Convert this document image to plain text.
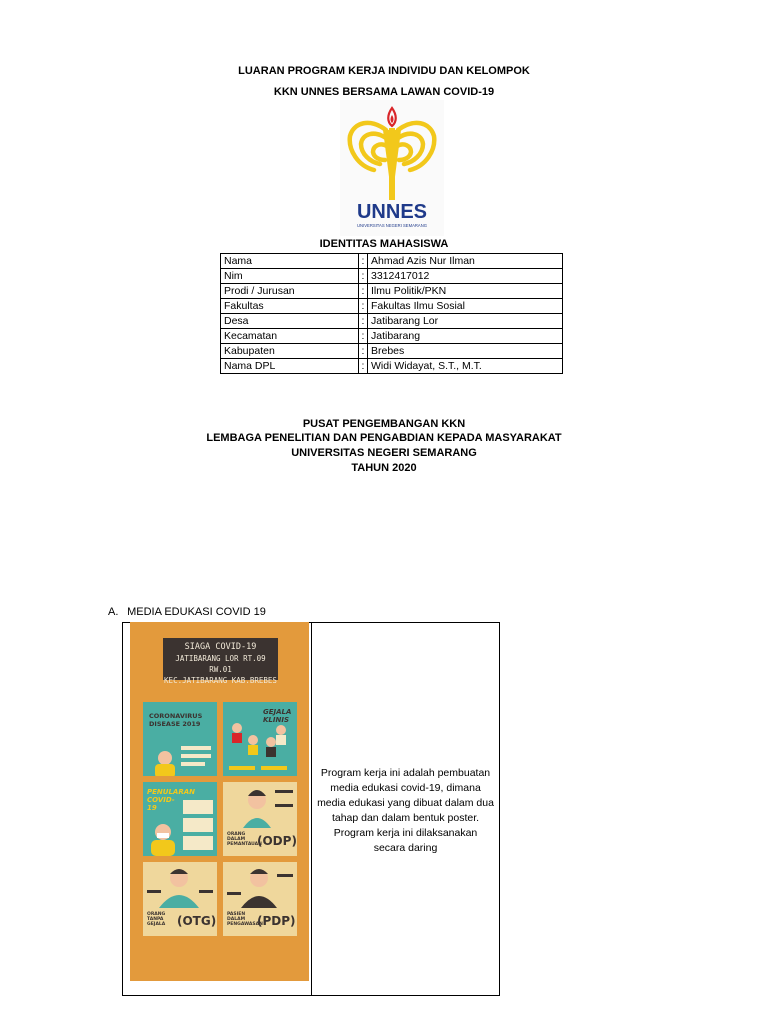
LUARAN PROGRAM KERJA INDIVIDU DAN KELOMPOK
KKN UNNES BERSAMA LAWAN COVID-19
UNNES
UNIVERSITAS NEGERI SEMARANG
IDENTITAS MAHASISWA
Nama	:	Ahmad Azis Nur Ilman
Nim	:	3312417012
Prodi / Jurusan	:	Ilmu Politik/PKN
Fakultas	:	Fakultas Ilmu Sosial
Desa	:	Jatibarang Lor
Kecamatan	:	Jatibarang
Kabupaten	:	Brebes
Nama DPL	:	Widi Widayat, S.T., M.T.
PUSAT PENGEMBANGAN KKN
LEMBAGA PENELITIAN DAN PENGABDIAN KEPADA MASYARAKAT
UNIVERSITAS NEGERI SEMARANG
TAHUN 2020
A. MEDIA EDUKASI COVID 19
SIAGA COVID-19
JATIBARANG LOR RT.09 RW.01
KEC.JATIBARANG KAB.BREBES
CORONAVIRUS DISEASE 2019
GEJALA KLINIS
PENULARAN COVID-19
ORANG DALAM PEMANTAUAN
(ODP)
ORANG TANPA GEJALA (OTG) PASIEN DALAM PENGAWASAN
(PDP)
Program kerja ini adalah pembuatan media edukasi covid-19, dimana media edukasi yang dibuat dalam dua tahap dan dalam bentuk poster. Program kerja ini dilaksanakan secara daring
